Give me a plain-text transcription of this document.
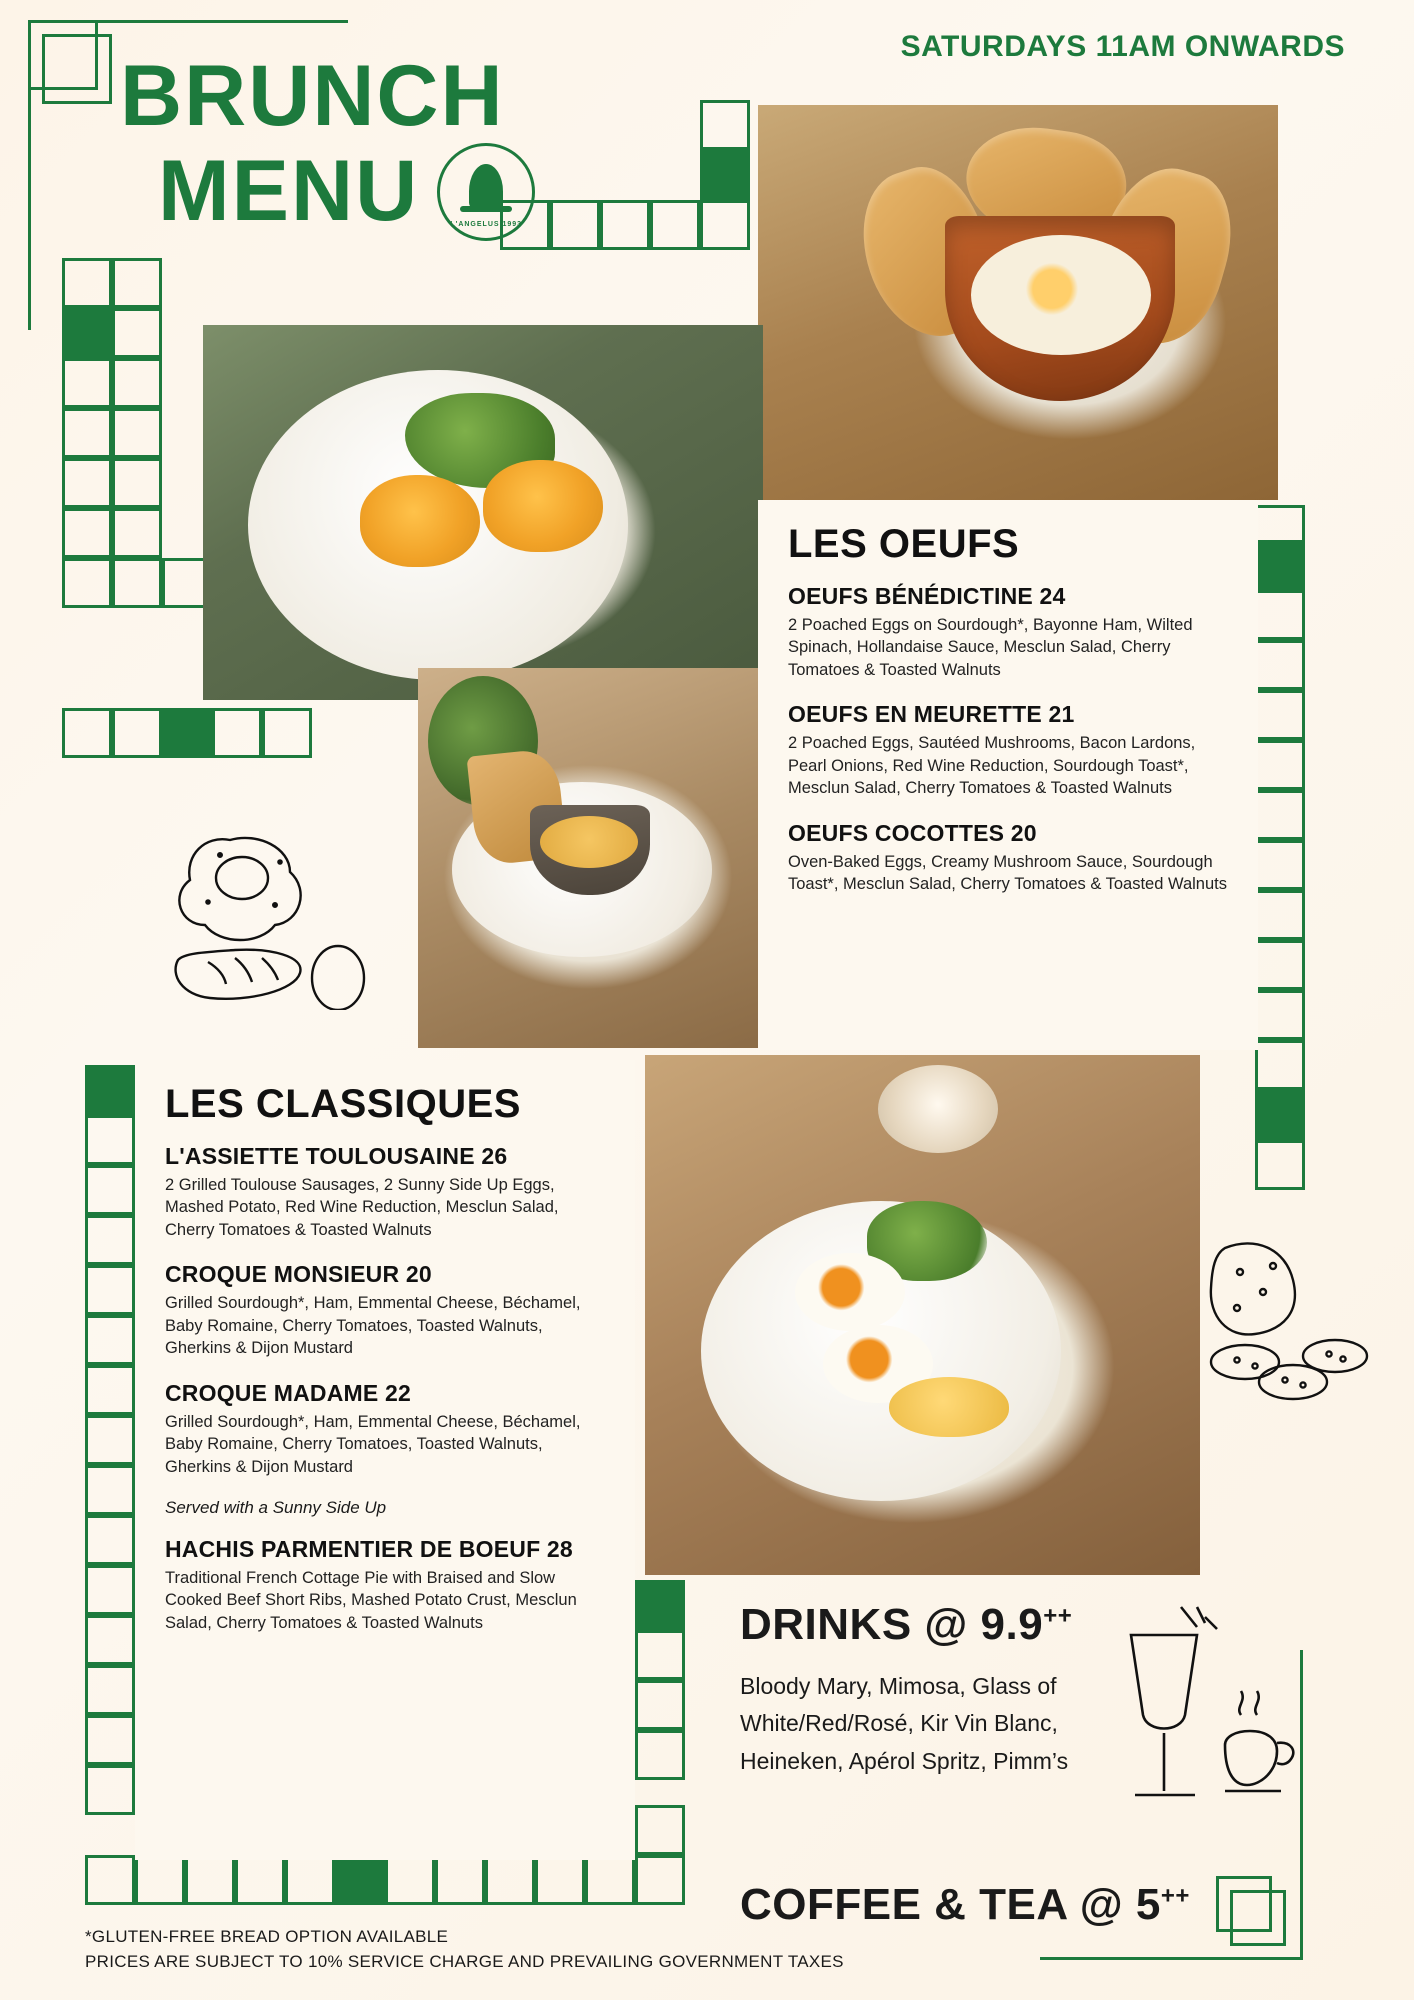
SATURDAYS 11AM ONWARDS
BRUNCH
MENU	L'ANGELUS 1993
LES OEUFS

OEUFS BÉNÉDICTINE 24

2 Poached Eggs on Sourdough*, Bayonne Ham, Wilted Spinach, Hollandaise Sauce, Mesclun Salad, Cherry Tomatoes & Toasted Walnuts

OEUFS EN MEURETTE 21

2 Poached Eggs, Sautéed Mushrooms, Bacon Lardons, Pearl Onions, Red Wine Reduction, Sourdough Toast*, Mesclun Salad, Cherry Tomatoes & Toasted Walnuts

OEUFS COCOTTES 20

Oven-Baked Eggs, Creamy Mushroom Sauce, Sourdough Toast*, Mesclun Salad, Cherry Tomatoes & Toasted Walnuts

LES CLASSIQUES

L'ASSIETTE TOULOUSAINE 26

2 Grilled Toulouse Sausages, 2 Sunny Side Up Eggs, Mashed Potato, Red Wine Reduction, Mesclun Salad, Cherry Tomatoes & Toasted Walnuts

CROQUE MONSIEUR 20

Grilled Sourdough*, Ham, Emmental Cheese, Béchamel, Baby Romaine, Cherry Tomatoes, Toasted Walnuts, Gherkins & Dijon Mustard

CROQUE MADAME 22

Grilled Sourdough*, Ham, Emmental Cheese, Béchamel, Baby Romaine, Cherry Tomatoes, Toasted Walnuts, Gherkins & Dijon Mustard

Served with a Sunny Side Up

HACHIS PARMENTIER DE BOEUF 28

Traditional French Cottage Pie with Braised and Slow Cooked Beef Short Ribs, Mashed Potato Crust, Mesclun Salad, Cherry Tomatoes & Toasted Walnuts	DRINKS @ 9.9++

Bloody Mary, Mimosa, Glass of White/Red/Rosé, Kir Vin Blanc, Heineken, Apérol Spritz, Pimm’s

COFFEE & TEA @ 5++
*GLUTEN-FREE BREAD OPTION AVAILABLE
PRICES ARE SUBJECT TO 10% SERVICE CHARGE AND PREVAILING GOVERNMENT TAXES
